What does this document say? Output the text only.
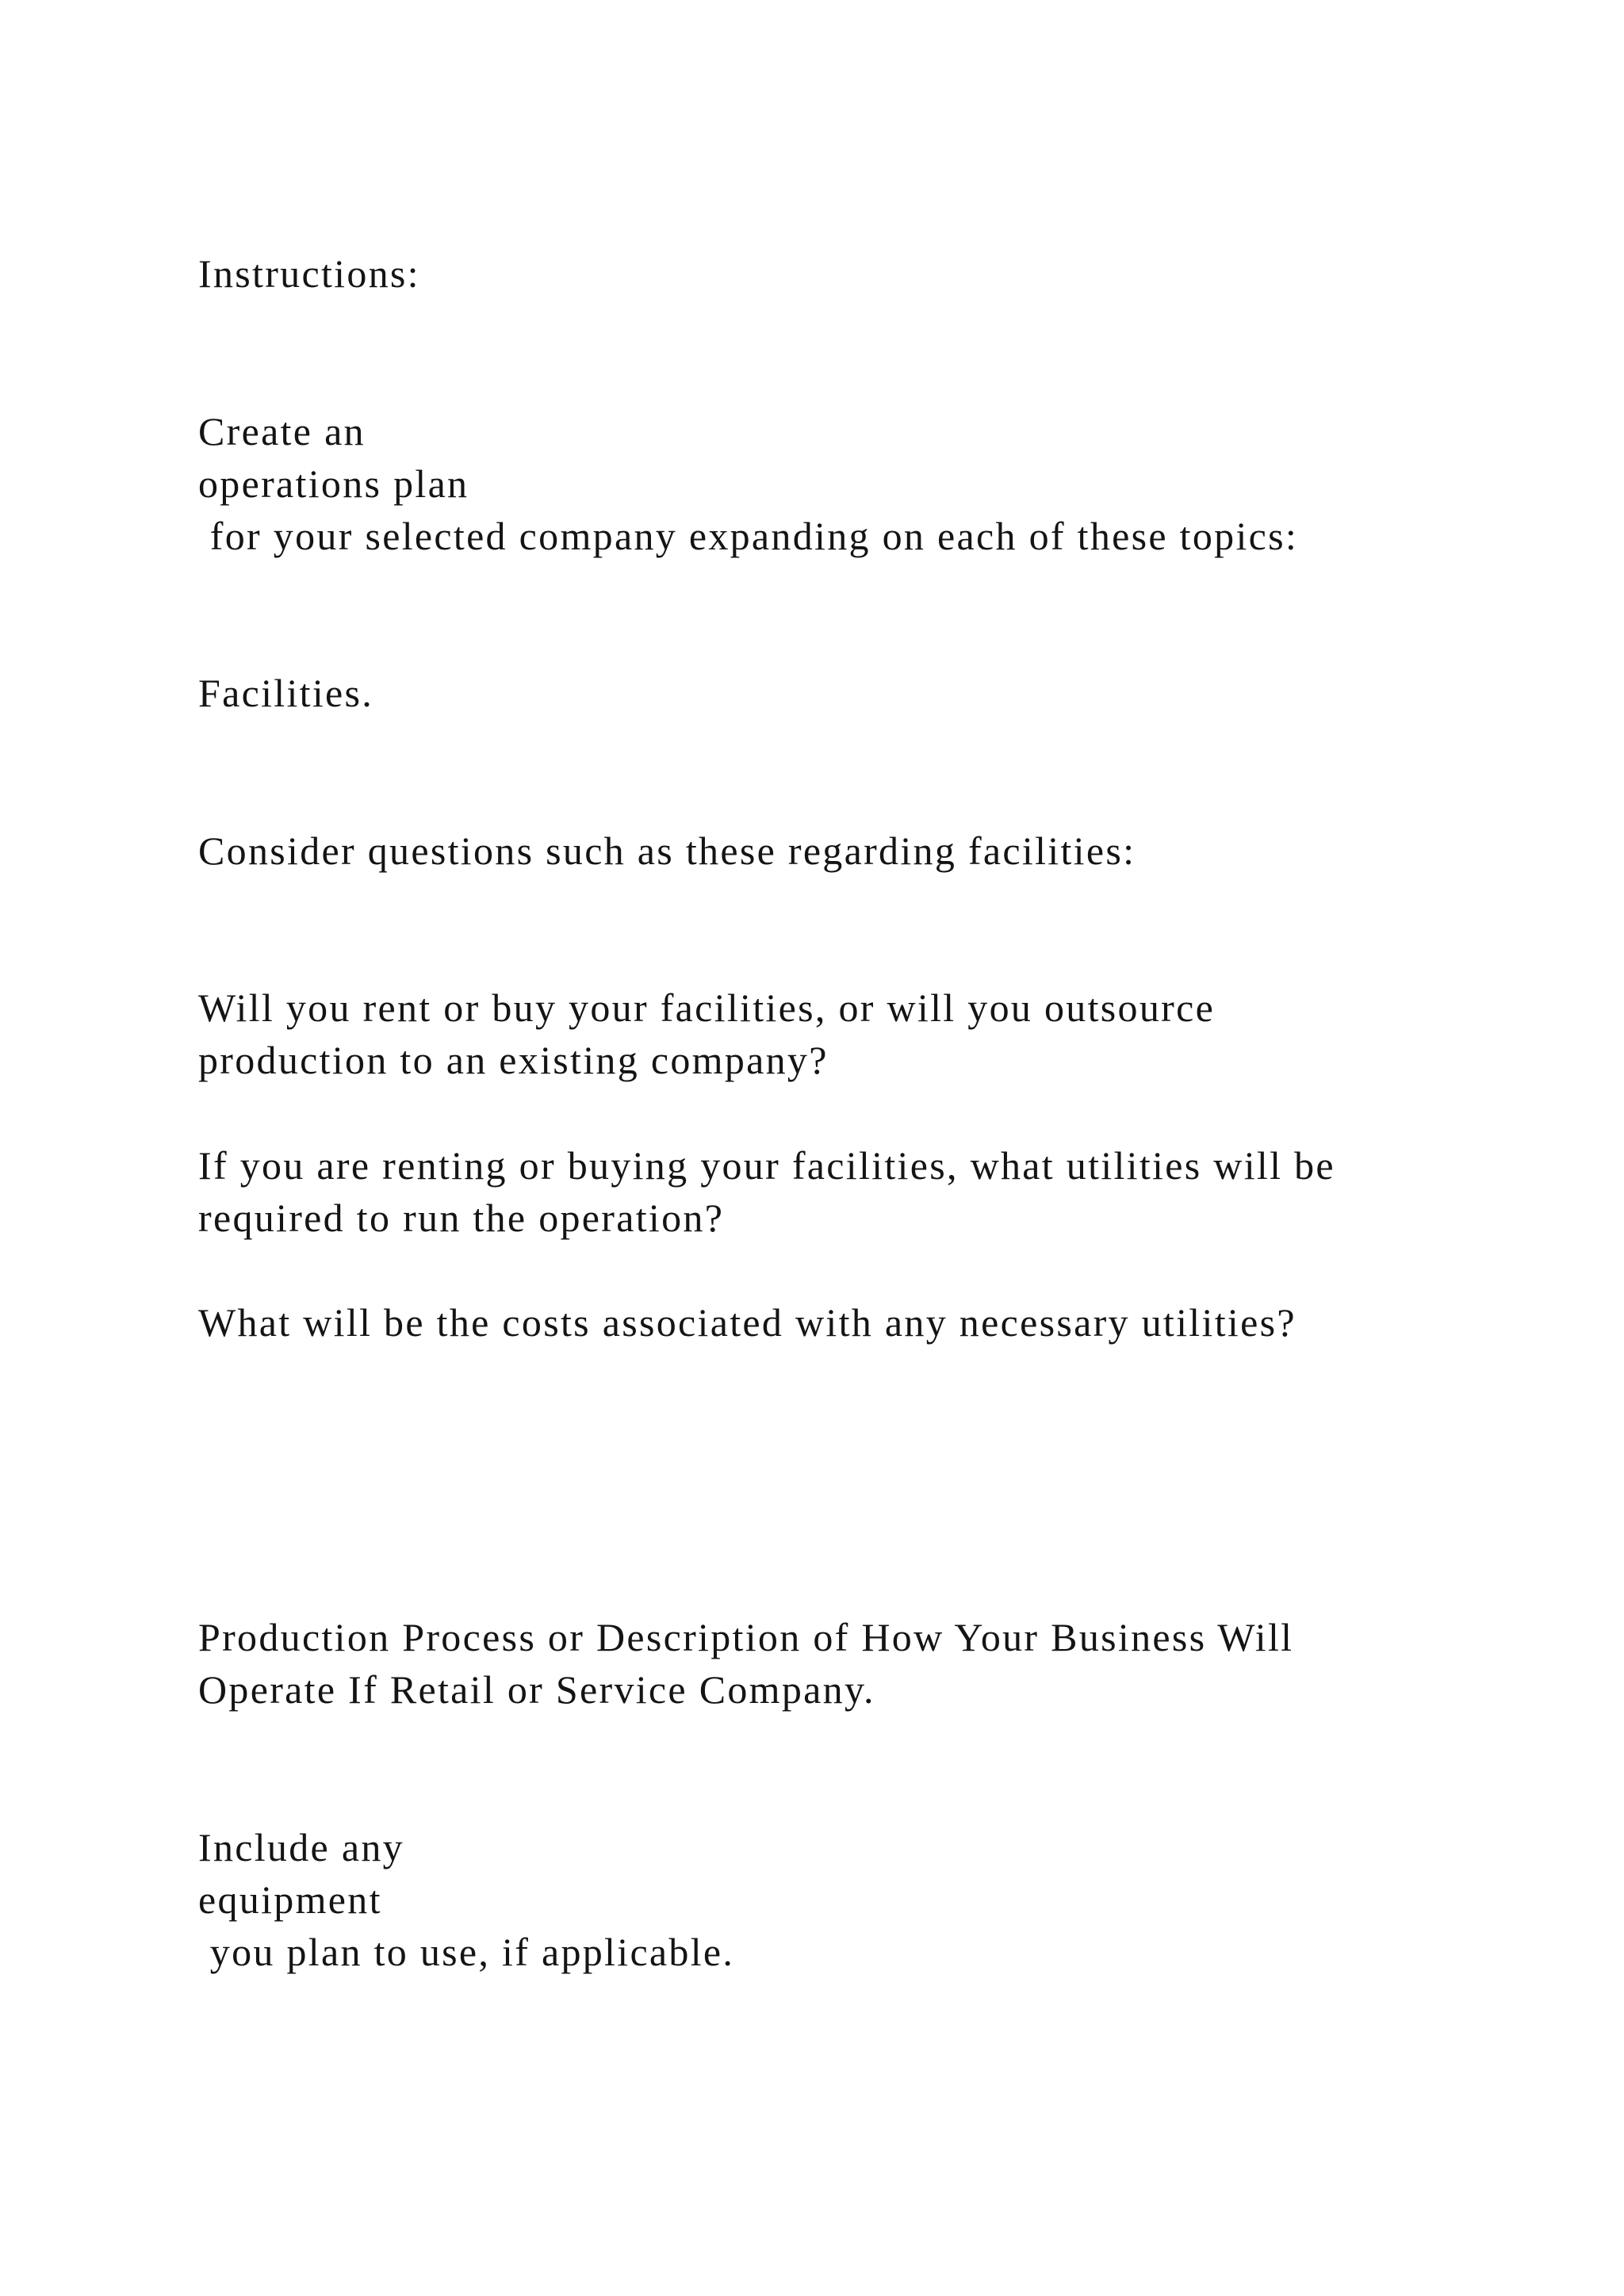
Instructions:

Create an

operations plan

for your selected company expanding on each of these topics:

Facilities.

Consider questions such as these regarding facilities:

Will you rent or buy your facilities, or will you outsource

production to an existing company?

If you are renting or buying your facilities, what utilities will be

required to run the operation?

What will be the costs associated with any necessary utilities?

Production Process or Description of How Your Business Will

Operate If Retail or Service Company.

Include any

equipment

you plan to use, if applicable.
